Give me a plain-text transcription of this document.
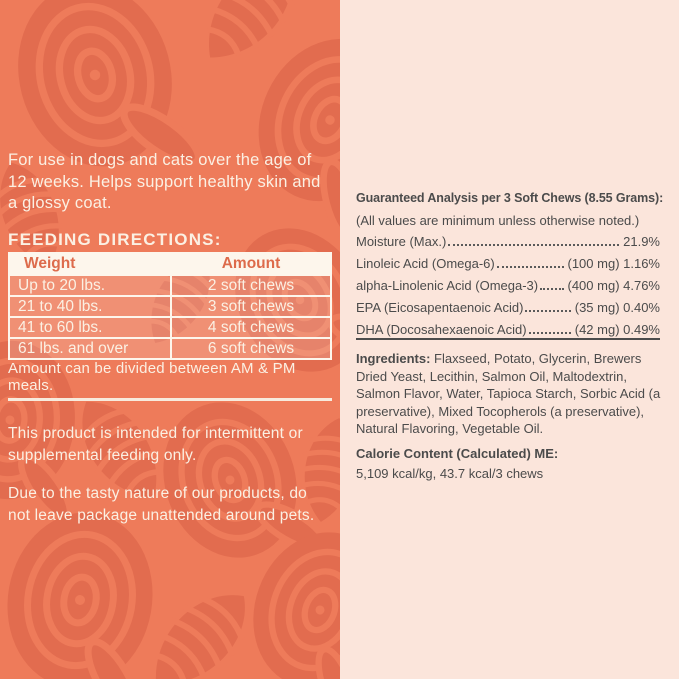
For use in dogs and cats over the age of 12 weeks. Helps support healthy skin and a glossy coat.

FEEDING DIRECTIONS:
Weight	Amount
Up to 20 lbs.	2 soft chews
21 to 40 lbs.	3 soft chews
41 to 60 lbs.	4 soft chews
61 lbs. and over	6 soft chews

Amount can be divided between AM & PM meals.

This product is intended for intermittent or supplemental feeding only.

Due to the tasty nature of our products, do not leave package unattended around pets.

Guaranteed Analysis per 3 Soft Chews (8.55 Grams):
(All values are minimum unless otherwise noted.)
Moisture (Max.)	21.9%
Linoleic Acid (Omega-6)	(100 mg) 1.16%
alpha-Linolenic Acid (Omega-3) (400 mg) 4.76%
EPA (Eicosapentaenoic Acid)	(35 mg) 0.40%
DHA (Docosahexaenoic Acid)	(42 mg) 0.49%

Ingredients: Flaxseed, Potato, Glycerin, Brewers Dried Yeast, Lecithin, Salmon Oil, Maltodextrin, Salmon Flavor, Water, Tapioca Starch, Sorbic Acid (a preservative), Mixed Tocopherols (a preservative), Natural Flavoring, Vegetable Oil.

Calorie Content (Calculated) ME:
5,109 kcal/kg, 43.7 kcal/3 chews
